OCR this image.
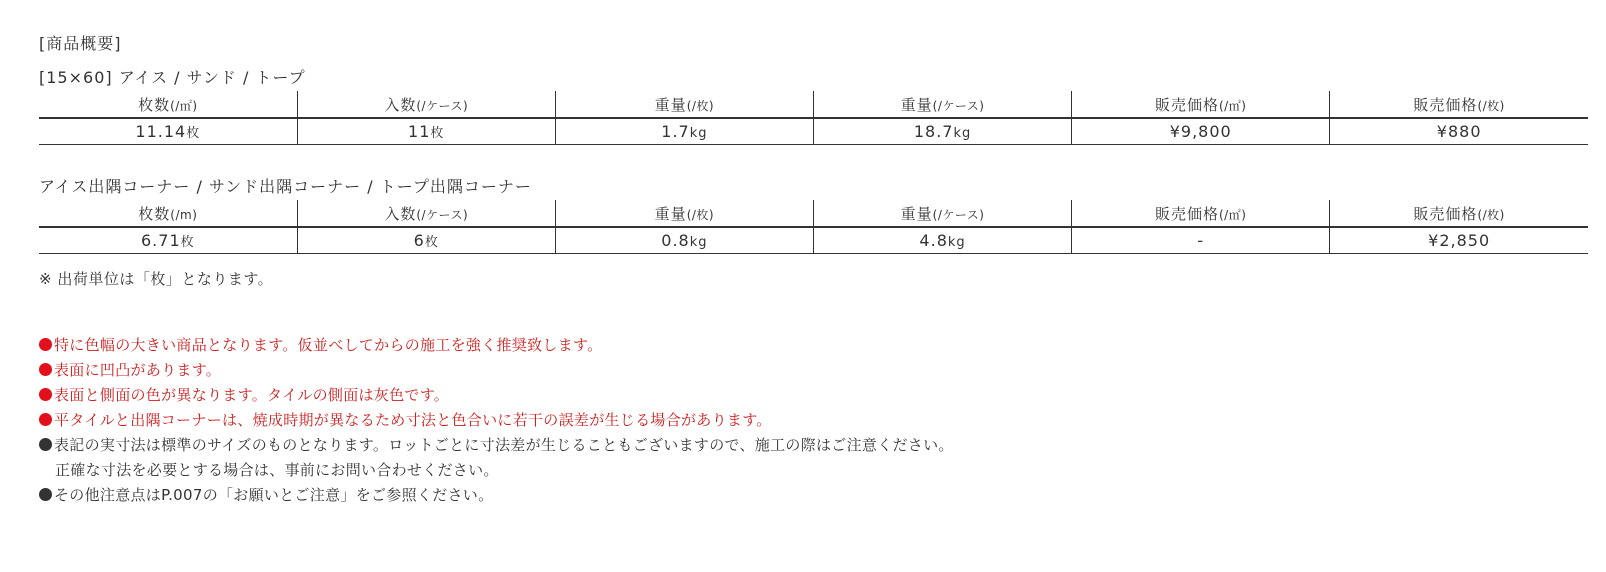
[商品概要]
[15×60] アイス / サンド / トープ
枚数(/㎡)	入数(/ケース)	重量(/枚)	重量(/ケース)	販売価格(/㎡)	販売価格(/枚)
11.14枚	11枚	1.7kg	18.7kg	¥9,800	¥880
アイス出隅コーナー / サンド出隅コーナー / トープ出隅コーナー
枚数(/m)	入数(/ケース)	重量(/枚)	重量(/ケース)	販売価格(/㎡)	販売価格(/枚)
6.71枚	6枚	0.8kg	4.8kg	-	¥2,850
※ 出荷単位は「枚」となります。
特に色幅の大きい商品となります。仮並べしてからの施工を強く推奨致します。
表面に凹凸があります。
表面と側面の色が異なります。タイルの側面は灰色です。
平タイルと出隅コーナーは、焼成時期が異なるため寸法と色合いに若干の誤差が生じる場合があります。
表記の実寸法は標準のサイズのものとなります。ロットごとに寸法差が生じることもございますので、施工の際はご注意ください。
正確な寸法を必要とする場合は、事前にお問い合わせください。
その他注意点はP.007の「お願いとご注意」をご参照ください。
